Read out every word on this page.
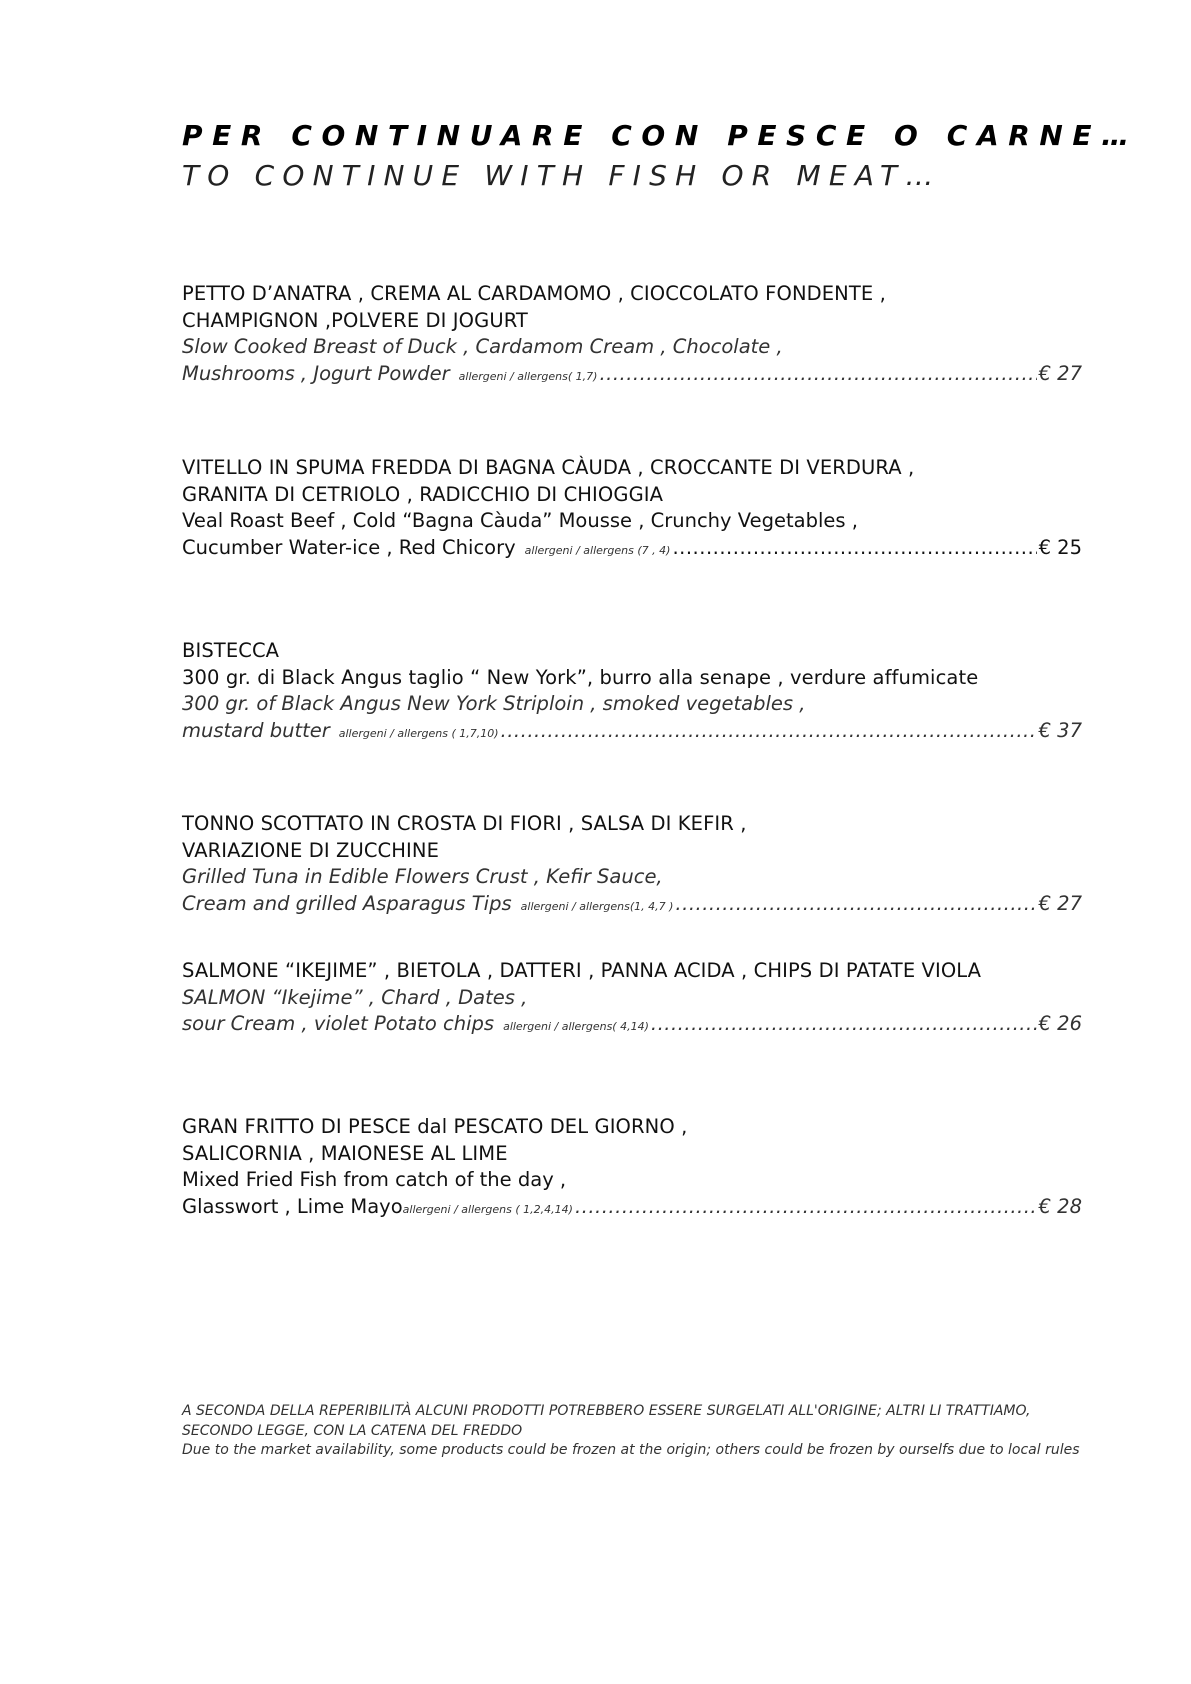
PER CONTINUARE CON PESCE O CARNE…
TO CONTINUE WITH FISH OR MEAT…
PETTO D’ANATRA , CREMA AL CARDAMOMO , CIOCCOLATO FONDENTE ,
CHAMPIGNON ,POLVERE DI JOGURT
Slow Cooked Breast of Duck , Cardamom Cream , Chocolate ,
Mushrooms , Jogurt Powder allergeni / allergens( 1,7) .....	€ 27
VITELLO IN SPUMA FREDDA DI BAGNA CÀUDA , CROCCANTE DI VERDURA ,
GRANITA DI CETRIOLO , RADICCHIO DI CHIOGGIA
Veal Roast Beef , Cold “Bagna Càuda” Mousse , Crunchy Vegetables ,
Cucumber Water-ice , Red Chicory allergeni / allergens (7 , 4) .....	€ 25
BISTECCA
300 gr. di Black Angus taglio “ New York”, burro alla senape , verdure affumicate
300 gr. of Black Angus New York Striploin , smoked vegetables ,
mustard butter allergeni / allergens ( 1,7,10) .....	€ 37
TONNO SCOTTATO IN CROSTA DI FIORI , SALSA DI KEFIR ,
VARIAZIONE DI ZUCCHINE
Grilled Tuna in Edible Flowers Crust , Kefir Sauce,
Cream and grilled Asparagus Tips allergeni / allergens(1, 4,7 ) .....	€ 27
SALMONE “IKEJIME” , BIETOLA , DATTERI , PANNA ACIDA , CHIPS DI PATATE VIOLA
SALMON “Ikejime” , Chard , Dates ,
sour Cream , violet Potato chips allergeni / allergens( 4,14) .....	€ 26
GRAN FRITTO DI PESCE dal PESCATO DEL GIORNO ,
SALICORNIA , MAIONESE AL LIME
Mixed Fried Fish from catch of the day ,
Glasswort , Lime Mayo allergeni / allergens ( 1,2,4,14) .....	€ 28
A SECONDA DELLA REPERIBILITÀ ALCUNI PRODOTTI POTREBBERO ESSERE SURGELATI ALL'ORIGINE; ALTRI LI TRATTIAMO, SECONDO LEGGE, CON LA CATENA DEL FREDDO
Due to the market availability, some products could be frozen at the origin; others could be frozen by ourselfs due to local rules
